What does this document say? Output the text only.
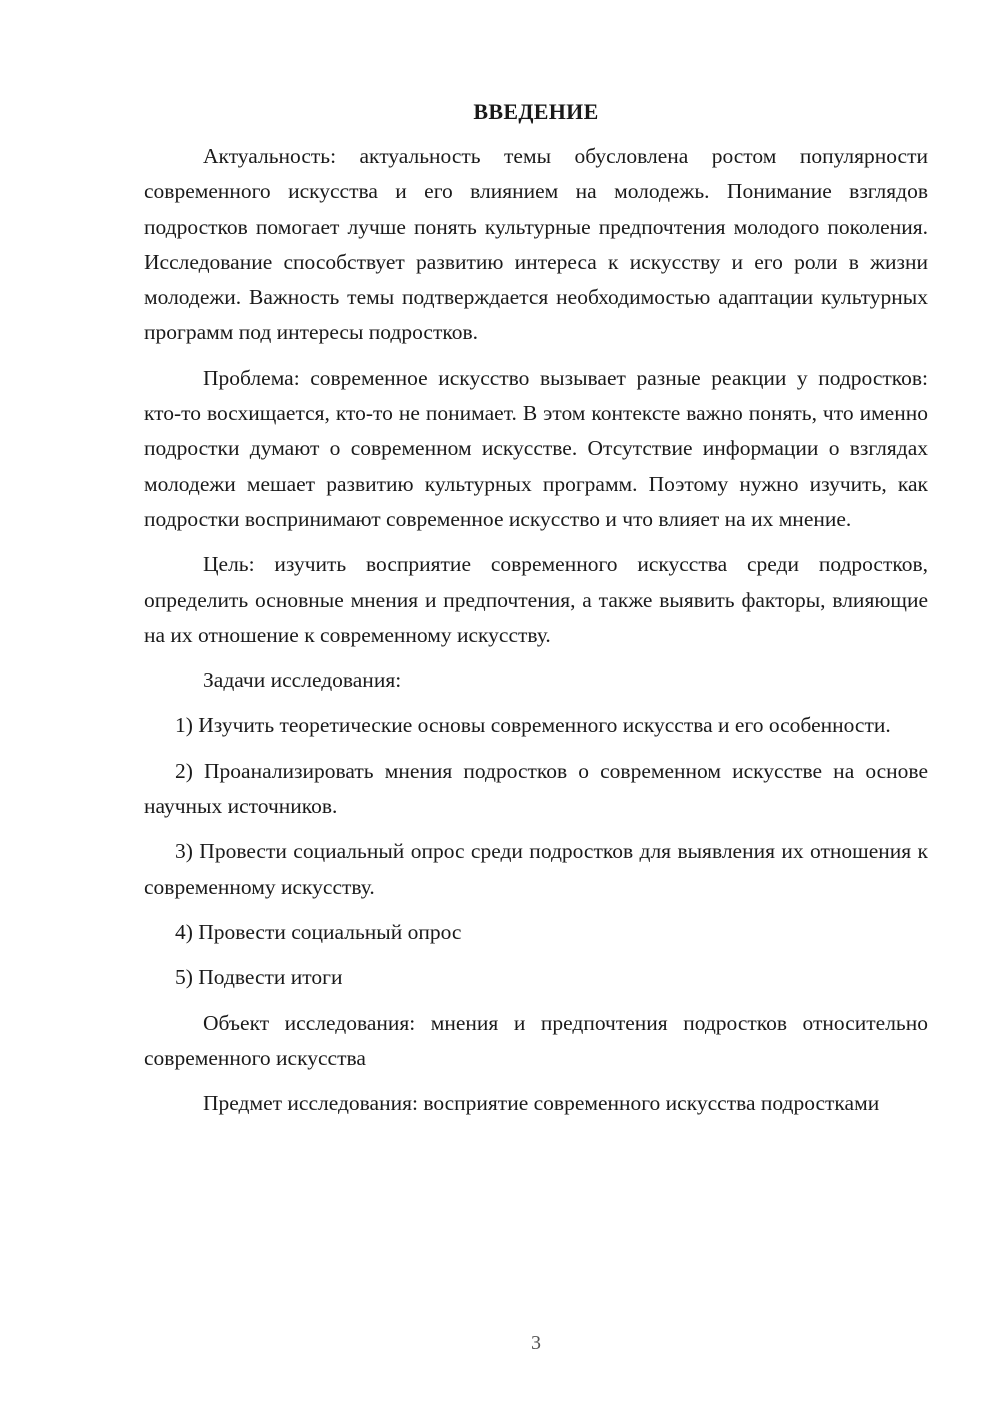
ВВЕДЕНИЕ

Актуальность: актуальность темы обусловлена ростом популярности современного искусства и его влиянием на молодежь. Понимание взглядов подростков помогает лучше понять культурные предпочтения молодого поколения. Исследование способствует развитию интереса к искусству и его роли в жизни молодежи. Важность темы подтверждается необходимостью адаптации культурных программ под интересы подростков.

Проблема: современное искусство вызывает разные реакции у подростков: кто-то восхищается, кто-то не понимает. В этом контексте важно понять, что именно подростки думают о современном искусстве. Отсутствие информации о взглядах молодежи мешает развитию культурных программ. Поэтому нужно изучить, как подростки воспринимают современное искусство и что влияет на их мнение.

Цель: изучить восприятие современного искусства среди подростков, определить основные мнения и предпочтения, а также выявить факторы, влияющие на их отношение к современному искусству.

Задачи исследования:

1) Изучить теоретические основы современного искусства и его особенности.

2) Проанализировать мнения подростков о современном искусстве на основе научных источников.

3) Провести социальный опрос среди подростков для выявления их отношения к современному искусству.

4) Провести социальный опрос

5) Подвести итоги

Объект исследования: мнения и предпочтения подростков относительно современного искусства

Предмет исследования: восприятие современного искусства подростками

3
